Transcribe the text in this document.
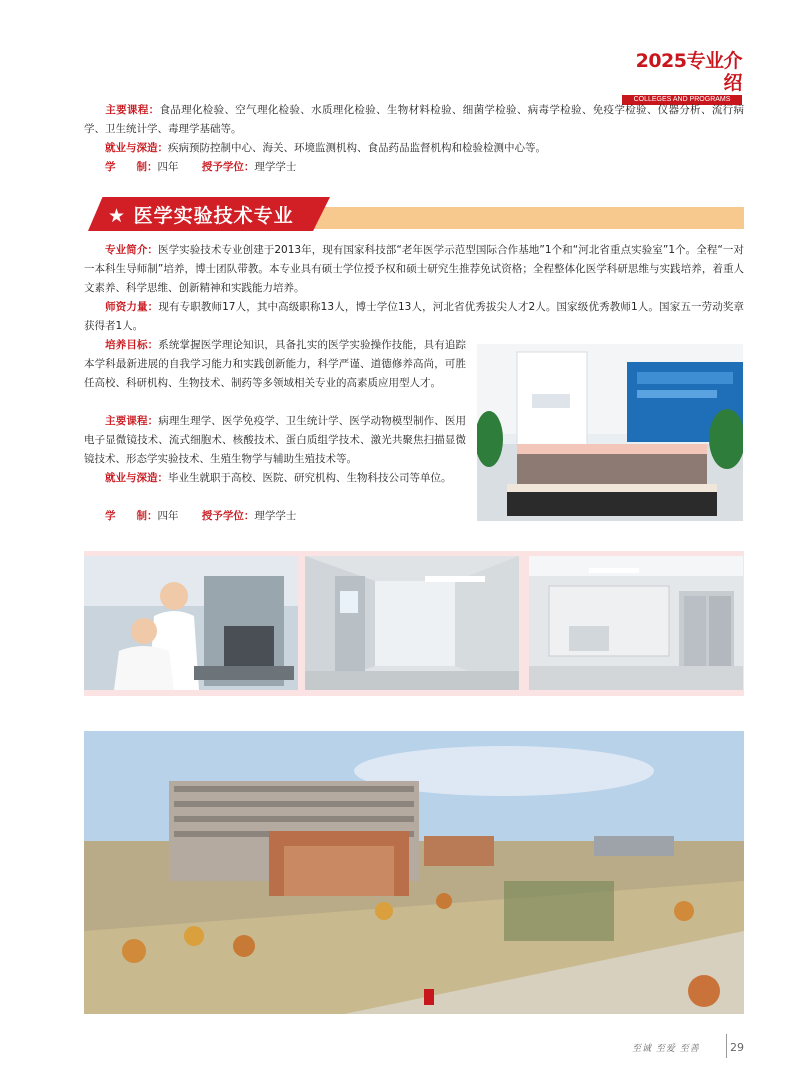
2025专业介绍
COLLEGES AND PROGRAMS
主要课程：食品理化检验、空气理化检验、水质理化检验、生物材料检验、细菌学检验、病毒学检验、免疫学检验、仪器分析、流行病学、卫生统计学、毒理学基础等。
就业与深造：疾病预防控制中心、海关、环境监测机构、食品药品监督机构和检验检测中心等。
学　　制：四年 授予学位：理学学士
★ 医学实验技术专业
专业简介：医学实验技术专业创建于2013年，现有国家科技部“老年医学示范型国际合作基地”1个和“河北省重点实验室”1个。全程“一对一本科生导师制”培养，博士团队带教。本专业具有硕士学位授予权和硕士研究生推荐免试资格；全程整体化医学科研思维与实践培养，着重人文素养、科学思维、创新精神和实践能力培养。
师资力量：现有专职教师17人，其中高级职称13人，博士学位13人，河北省优秀拔尖人才2人。国家级优秀教师1人。国家五一劳动奖章获得者1人。
培养目标：系统掌握医学理论知识，具备扎实的医学实验操作技能，具有追踪本学科最新进展的自我学习能力和实践创新能力，科学严谨、道德修养高尚，可胜任高校、科研机构、生物技术、制药等多领域相关专业的高素质应用型人才。
主要课程：病理生理学、医学免疫学、卫生统计学、医学动物模型制作、医用电子显微镜技术、流式细胞术、核酸技术、蛋白质组学技术、激光共聚焦扫描显微镜技术、形态学实验技术、生殖生物学与辅助生殖技术等。
就业与深造：毕业生就职于高校、医院、研究机构、生物科技公司等单位。
学　　制：四年 授予学位：理学学士
至诚 至爱 至善	29
